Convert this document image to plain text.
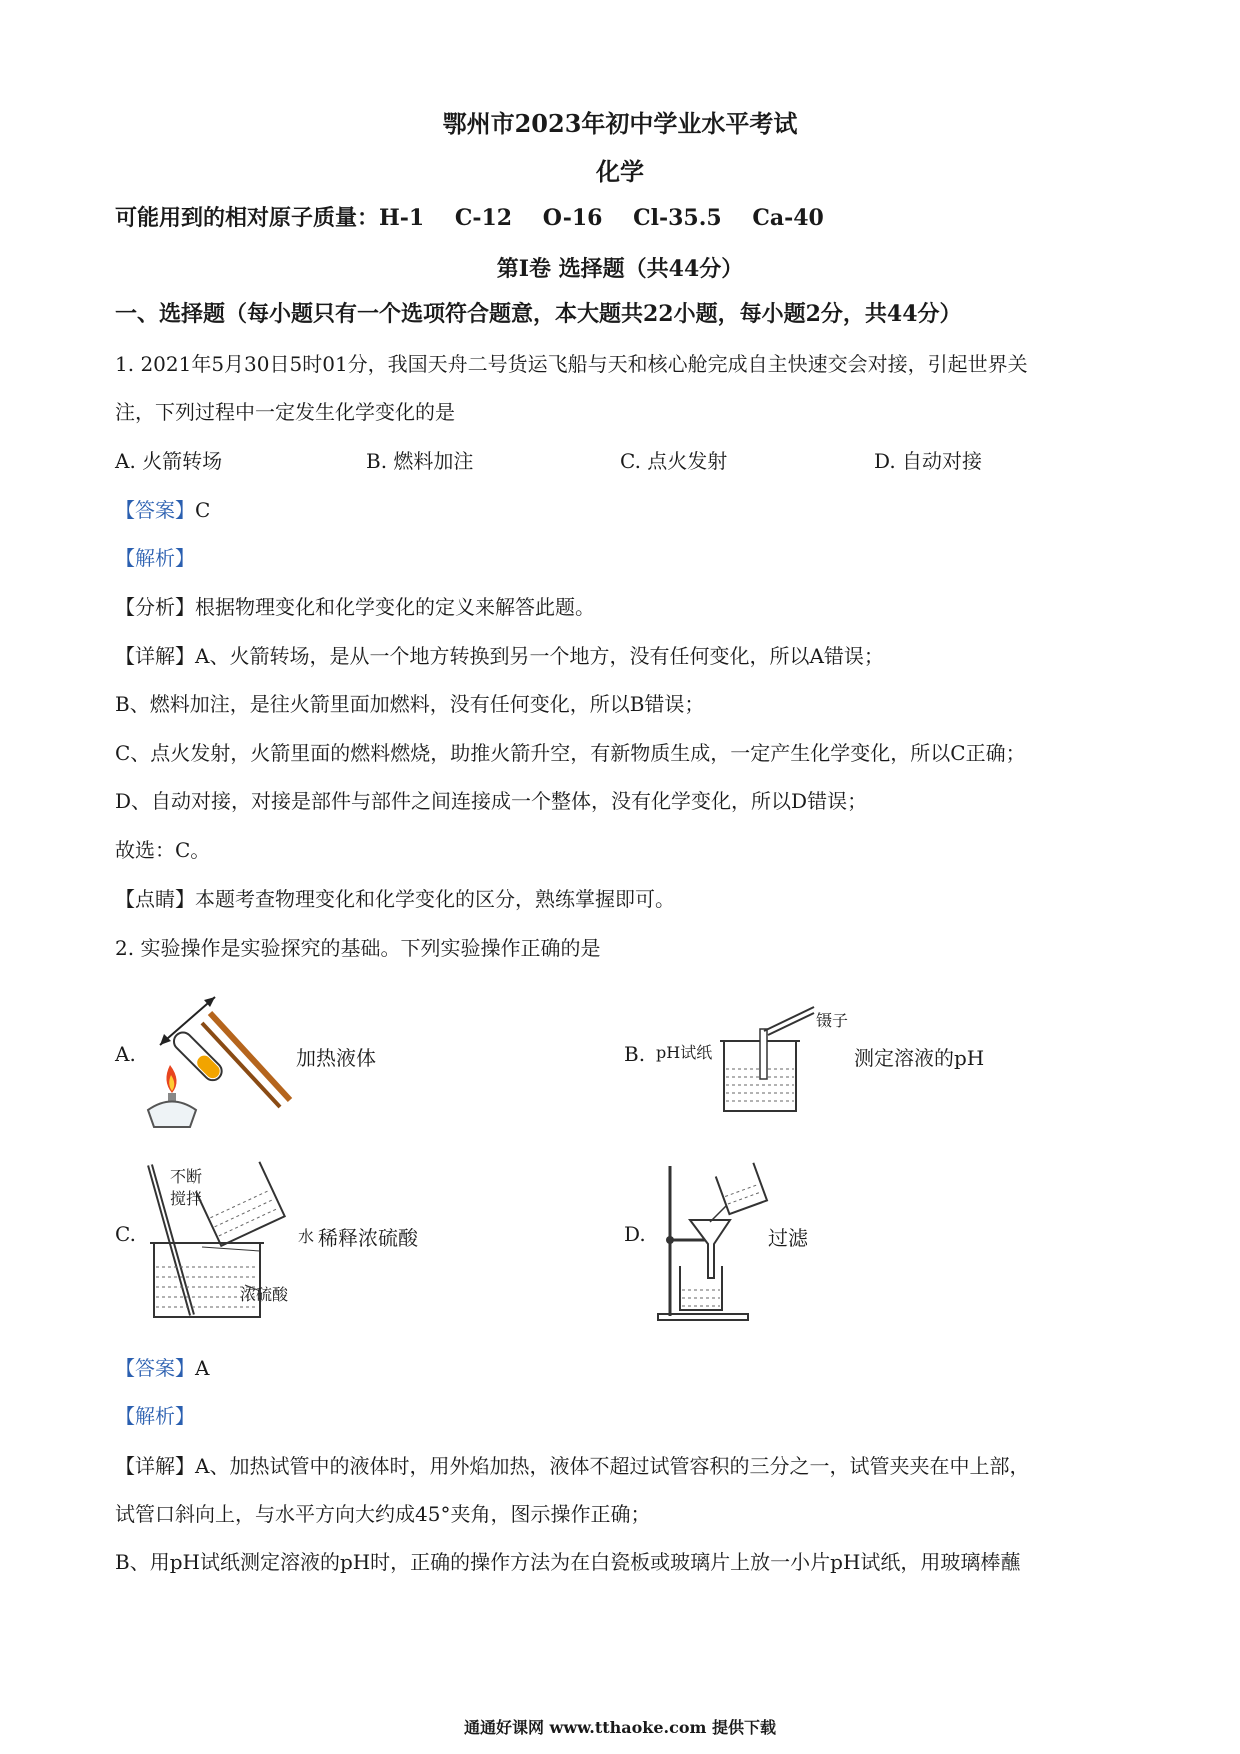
鄂州市2023年初中学业水平考试
化学
可能用到的相对原子质量：H-1    C-12    O-16    Cl-35.5    Ca-40
第Ⅰ卷 选择题（共44分）
一、选择题（每小题只有一个选项符合题意，本大题共22小题，每小题2分，共44分）
1. 2021年5月30日5时01分，我国天舟二号货运飞船与天和核心舱完成自主快速交会对接，引起世界关
注，下列过程中一定发生化学变化的是
A. 火箭转场	B. 燃料加注	C. 点火发射	D. 自动对接
【答案】C
【解析】
【分析】根据物理变化和化学变化的定义来解答此题。
【详解】A、火箭转场，是从一个地方转换到另一个地方，没有任何变化，所以A错误；
B、燃料加注，是往火箭里面加燃料，没有任何变化，所以B错误；
C、点火发射，火箭里面的燃料燃烧，助推火箭升空，有新物质生成，一定产生化学变化，所以C正确；
D、自动对接，对接是部件与部件之间连接成一个整体，没有化学变化，所以D错误；
故选：C。
【点睛】本题考查物理变化和化学变化的区分，熟练掌握即可。
2. 实验操作是实验探究的基础。下列实验操作正确的是
A.	加热液体	B. pH试纸
镊子
测定溶液的pH
C.
不断
搅拌
水 稀释浓硫酸
浓硫酸
D.	过滤
【答案】A
【解析】
【详解】A、加热试管中的液体时，用外焰加热，液体不超过试管容积的三分之一，试管夹夹在中上部，
试管口斜向上，与水平方向大约成45°夹角，图示操作正确；
B、用pH试纸测定溶液的pH时，正确的操作方法为在白瓷板或玻璃片上放一小片pH试纸，用玻璃棒蘸
通通好课网 www.tthaoke.com 提供下载
